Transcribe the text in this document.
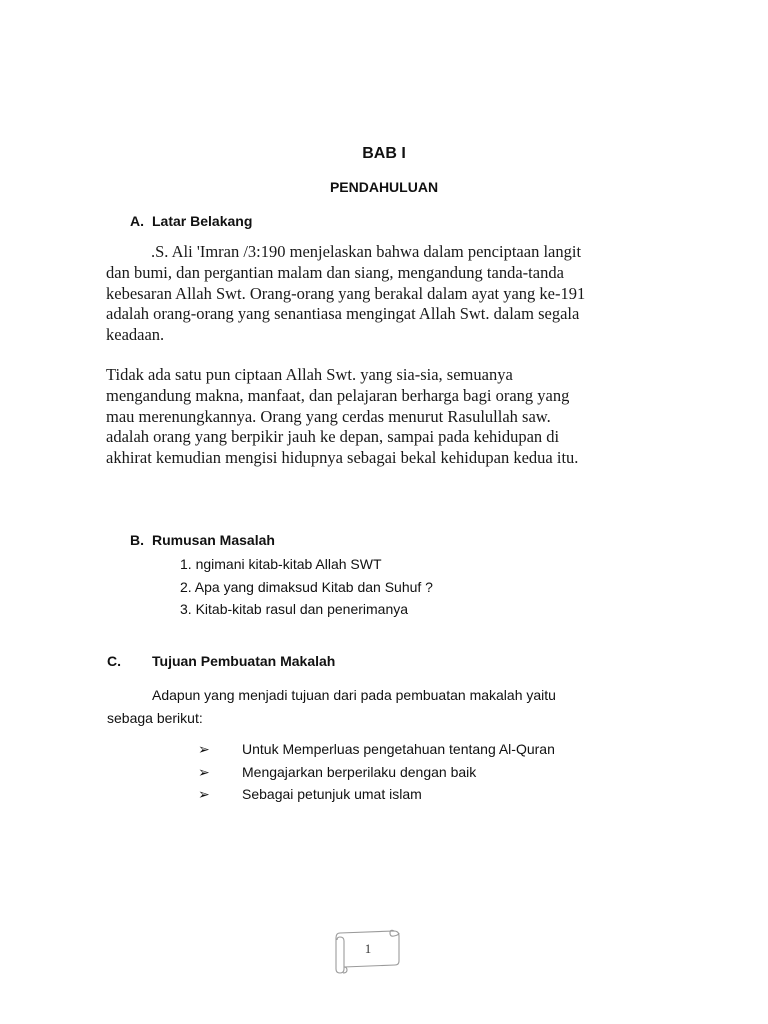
BAB I
PENDAHULUAN
A. Latar Belakang
.S. Ali 'Imran /3:190 menjelaskan bahwa dalam penciptaan langit
dan bumi, dan pergantian malam dan siang, mengandung tanda-tanda
kebesaran Allah Swt. Orang-orang yang berakal dalam ayat yang ke-191
adalah orang-orang yang senantiasa mengingat Allah Swt. dalam segala
keadaan.
Tidak ada satu pun ciptaan Allah Swt. yang sia-sia, semuanya
mengandung makna, manfaat, dan pelajaran berharga bagi orang yang
mau merenungkannya. Orang yang cerdas menurut Rasulullah saw.
adalah orang yang berpikir jauh ke depan, sampai pada kehidupan di
akhirat kemudian mengisi hidupnya sebagai bekal kehidupan kedua itu.
B. Rumusan Masalah
1. ngimani kitab-kitab Allah SWT
2. Apa yang dimaksud Kitab dan Suhuf ?
3. Kitab-kitab rasul dan penerimanya
C. Tujuan Pembuatan Makalah
Adapun yang menjadi tujuan dari pada pembuatan makalah yaitu
sebaga berikut:
➢	Untuk Memperluas pengetahuan tentang Al-Quran
➢	Mengajarkan berperilaku dengan baik
➢	Sebagai petunjuk umat islam
1
